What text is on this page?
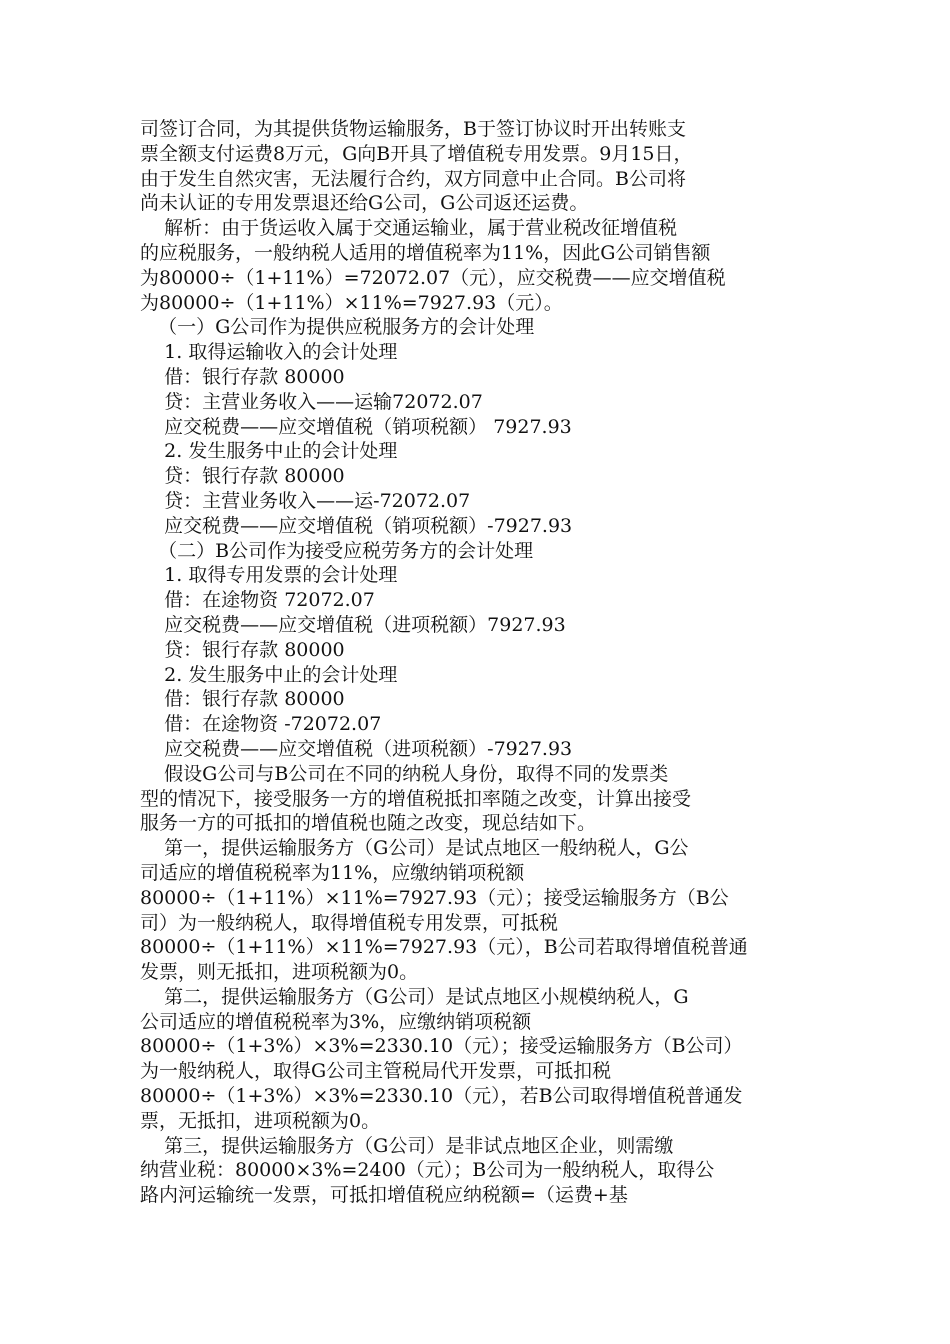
司签订合同，为其提供货物运输服务，B于签订协议时开出转账支
票全额支付运费8万元，G向B开具了增值税专用发票。9月15日，
由于发生自然灾害，无法履行合约，双方同意中止合同。B公司将
尚未认证的专用发票退还给G公司，G公司返还运费。
解析：由于货运收入属于交通运输业，属于营业税改征增值税
的应税服务，一般纳税人适用的增值税率为11%，因此G公司销售额
为80000÷（1+11%）=72072.07（元），应交税费——应交增值税
为80000÷（1+11%）×11%=7927.93（元）。
（一）G公司作为提供应税服务方的会计处理
1. 取得运输收入的会计处理
借：银行存款 80000
贷：主营业务收入——运输72072.07
应交税费——应交增值税（销项税额） 7927.93
2. 发生服务中止的会计处理
贷：银行存款 80000
贷：主营业务收入——运-72072.07
应交税费——应交增值税（销项税额）-7927.93
（二）B公司作为接受应税劳务方的会计处理
1. 取得专用发票的会计处理
借：在途物资 72072.07
应交税费——应交增值税（进项税额）7927.93
贷：银行存款 80000
2. 发生服务中止的会计处理
借：银行存款 80000
借：在途物资 -72072.07
应交税费——应交增值税（进项税额）-7927.93
假设G公司与B公司在不同的纳税人身份，取得不同的发票类
型的情况下，接受服务一方的增值税抵扣率随之改变，计算出接受
服务一方的可抵扣的增值税也随之改变，现总结如下。
第一，提供运输服务方（G公司）是试点地区一般纳税人，G公
司适应的增值税税率为11%，应缴纳销项税额
80000÷（1+11%）×11%=7927.93（元）；接受运输服务方（B公
司）为一般纳税人，取得增值税专用发票，可抵税
80000÷（1+11%）×11%=7927.93（元），B公司若取得增值税普通
发票，则无抵扣，进项税额为0。
第二，提供运输服务方（G公司）是试点地区小规模纳税人，G
公司适应的增值税税率为3%，应缴纳销项税额
80000÷（1+3%）×3%=2330.10（元）；接受运输服务方（B公司）
为一般纳税人，取得G公司主管税局代开发票，可抵扣税
80000÷（1+3%）×3%=2330.10（元），若B公司取得增值税普通发
票，无抵扣，进项税额为0。
第三，提供运输服务方（G公司）是非试点地区企业，则需缴
纳营业税：80000×3%=2400（元）；B公司为一般纳税人，取得公
路内河运输统一发票，可抵扣增值税应纳税额=（运费+基
